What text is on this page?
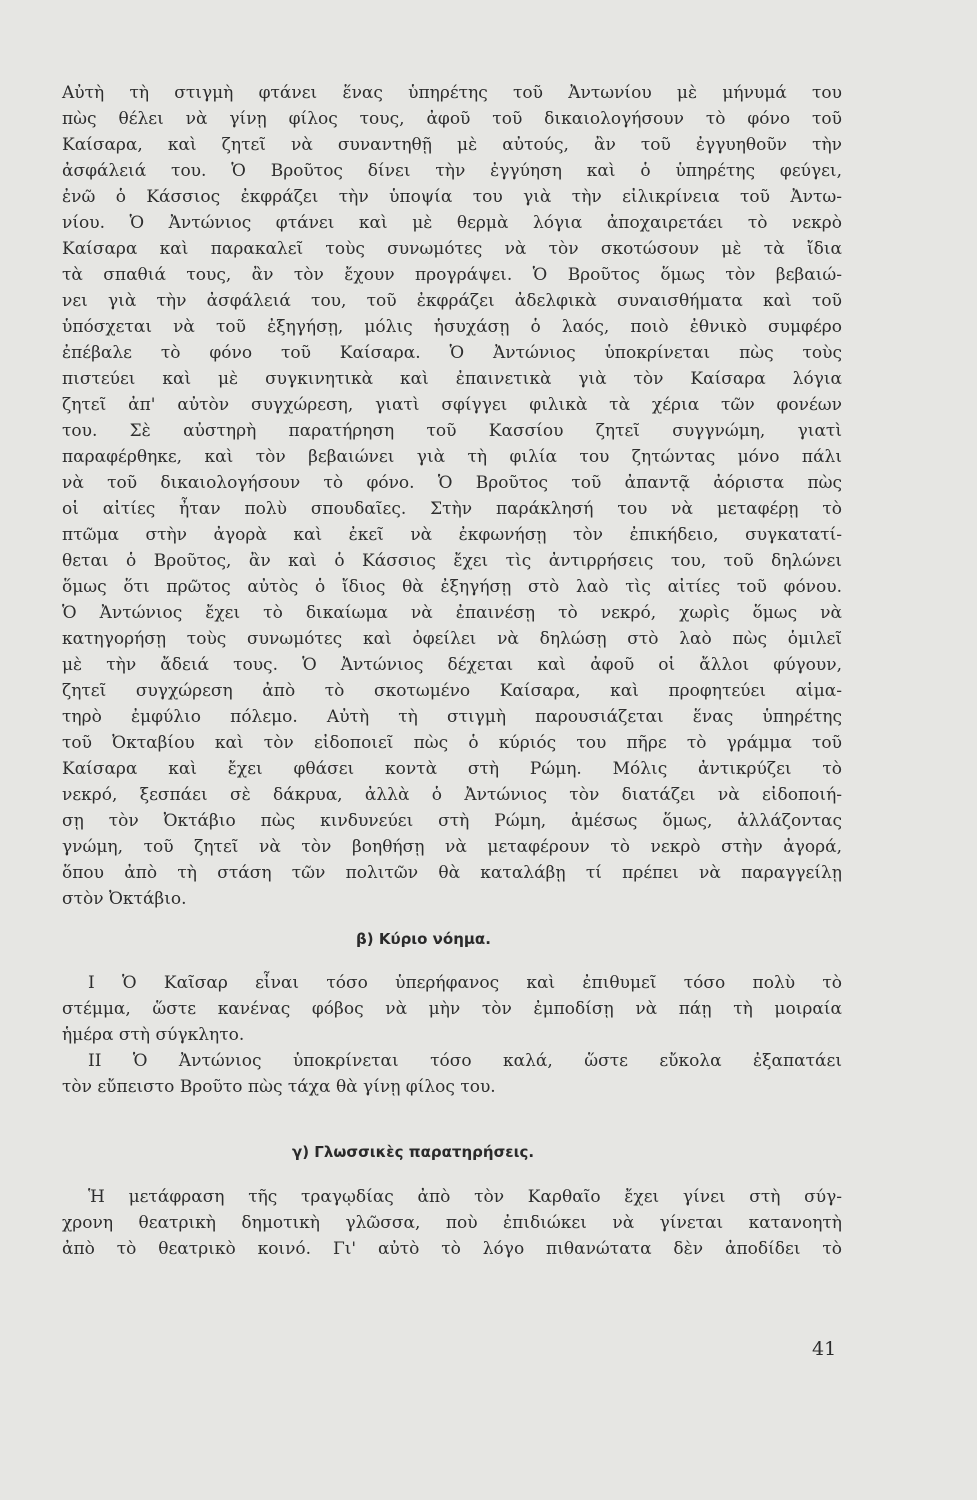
Αὐτὴ τὴ στιγμὴ φτάνει ἕνας ὑπηρέτης τοῦ Ἀντωνίου μὲ μήνυμά του
πὼς θέλει νὰ γίνῃ φίλος τους, ἀφοῦ τοῦ δικαιολογήσουν τὸ φόνο τοῦ
Καίσαρα, καὶ ζητεῖ νὰ συναντηθῇ μὲ αὐτούς, ἂν τοῦ ἐγγυηθοῦν τὴν
ἀσφάλειά του. Ὁ Βροῦτος δίνει τὴν ἐγγύηση καὶ ὁ ὑπηρέτης φεύγει,
ἐνῶ ὁ Κάσσιος ἐκφράζει τὴν ὑποψία του γιὰ τὴν εἰλικρίνεια τοῦ Ἀντω-
νίου. Ὁ Ἀντώνιος φτάνει καὶ μὲ θερμὰ λόγια ἀποχαιρετάει τὸ νεκρὸ
Καίσαρα καὶ παρακαλεῖ τοὺς συνωμότες νὰ τὸν σκοτώσουν μὲ τὰ ἴδια
τὰ σπαθιά τους, ἂν τὸν ἔχουν προγράψει. Ὁ Βροῦτος ὅμως τὸν βεβαιώ-
νει γιὰ τὴν ἀσφάλειά του, τοῦ ἐκφράζει ἀδελφικὰ συναισθήματα καὶ τοῦ
ὑπόσχεται νὰ τοῦ ἐξηγήσῃ, μόλις ἡσυχάσῃ ὁ λαός, ποιὸ ἐθνικὸ συμφέρο
ἐπέβαλε τὸ φόνο τοῦ Καίσαρα. Ὁ Ἀντώνιος ὑποκρίνεται πὼς τοὺς
πιστεύει καὶ μὲ συγκινητικὰ καὶ ἐπαινετικὰ γιὰ τὸν Καίσαρα λόγια
ζητεῖ ἀπ' αὐτὸν συγχώρεση, γιατὶ σφίγγει φιλικὰ τὰ χέρια τῶν φονέων
του. Σὲ αὐστηρὴ παρατήρηση τοῦ Κασσίου ζητεῖ συγγνώμη, γιατὶ
παραφέρθηκε, καὶ τὸν βεβαιώνει γιὰ τὴ φιλία του ζητώντας μόνο πάλι
νὰ τοῦ δικαιολογήσουν τὸ φόνο. Ὁ Βροῦτος τοῦ ἀπαντᾷ ἀόριστα πὼς
οἱ αἰτίες ἦταν πολὺ σπουδαῖες. Στὴν παράκλησή του νὰ μεταφέρῃ τὸ
πτῶμα στὴν ἀγορὰ καὶ ἐκεῖ νὰ ἐκφωνήσῃ τὸν ἐπικήδειο, συγκατατί-
θεται ὁ Βροῦτος, ἂν καὶ ὁ Κάσσιος ἔχει τὶς ἀντιρρήσεις του, τοῦ δηλώνει
ὅμως ὅτι πρῶτος αὐτὸς ὁ ἴδιος θὰ ἐξηγήσῃ στὸ λαὸ τὶς αἰτίες τοῦ φόνου.
Ὁ Ἀντώνιος ἔχει τὸ δικαίωμα νὰ ἐπαινέσῃ τὸ νεκρό, χωρὶς ὅμως νὰ
κατηγορήσῃ τοὺς συνωμότες καὶ ὀφείλει νὰ δηλώσῃ στὸ λαὸ πὼς ὁμιλεῖ
μὲ τὴν ἄδειά τους. Ὁ Ἀντώνιος δέχεται καὶ ἀφοῦ οἱ ἄλλοι φύγουν,
ζητεῖ συγχώρεση ἀπὸ τὸ σκοτωμένο Καίσαρα, καὶ προφητεύει αἱμα-
τηρὸ ἐμφύλιο πόλεμο. Αὐτὴ τὴ στιγμὴ παρουσιάζεται ἕνας ὑπηρέτης
τοῦ Ὀκταβίου καὶ τὸν εἰδοποιεῖ πὼς ὁ κύριός του πῆρε τὸ γράμμα τοῦ
Καίσαρα καὶ ἔχει φθάσει κοντὰ στὴ Ρώμη. Μόλις ἀντικρύζει τὸ
νεκρό, ξεσπάει σὲ δάκρυα, ἀλλὰ ὁ Ἀντώνιος τὸν διατάζει νὰ εἰδοποιή-
σῃ τὸν Ὀκτάβιο πὼς κινδυνεύει στὴ Ρώμη, ἀμέσως ὅμως, ἀλλάζοντας
γνώμη, τοῦ ζητεῖ νὰ τὸν βοηθήσῃ νὰ μεταφέρουν τὸ νεκρὸ στὴν ἀγορά,
ὅπου ἀπὸ τὴ στάση τῶν πολιτῶν θὰ καταλάβῃ τί πρέπει νὰ παραγγείλῃ
στὸν Ὀκτάβιο.
β) Κύριο νόημα.
Ι Ὁ Καῖσαρ εἶναι τόσο ὑπερήφανος καὶ ἐπιθυμεῖ τόσο πολὺ τὸ
στέμμα, ὥστε κανένας φόβος νὰ μὴν τὸν ἐμποδίσῃ νὰ πάῃ τὴ μοιραία
ἡμέρα στὴ σύγκλητο.
ΙΙ Ὁ Ἀντώνιος ὑποκρίνεται τόσο καλά, ὥστε εὔκολα ἐξαπατάει
τὸν εὔπειστο Βροῦτο πὼς τάχα θὰ γίνῃ φίλος του.
γ) Γλωσσικὲς παρατηρήσεις.
Ἡ μετάφραση τῆς τραγῳδίας ἀπὸ τὸν Καρθαῖο ἔχει γίνει στὴ σύγ-
χρονη θεατρικὴ δημοτικὴ γλῶσσα, ποὺ ἐπιδιώκει νὰ γίνεται κατανοητὴ
ἀπὸ τὸ θεατρικὸ κοινό. Γι' αὐτὸ τὸ λόγο πιθανώτατα δὲν ἀποδίδει τὸ
41
